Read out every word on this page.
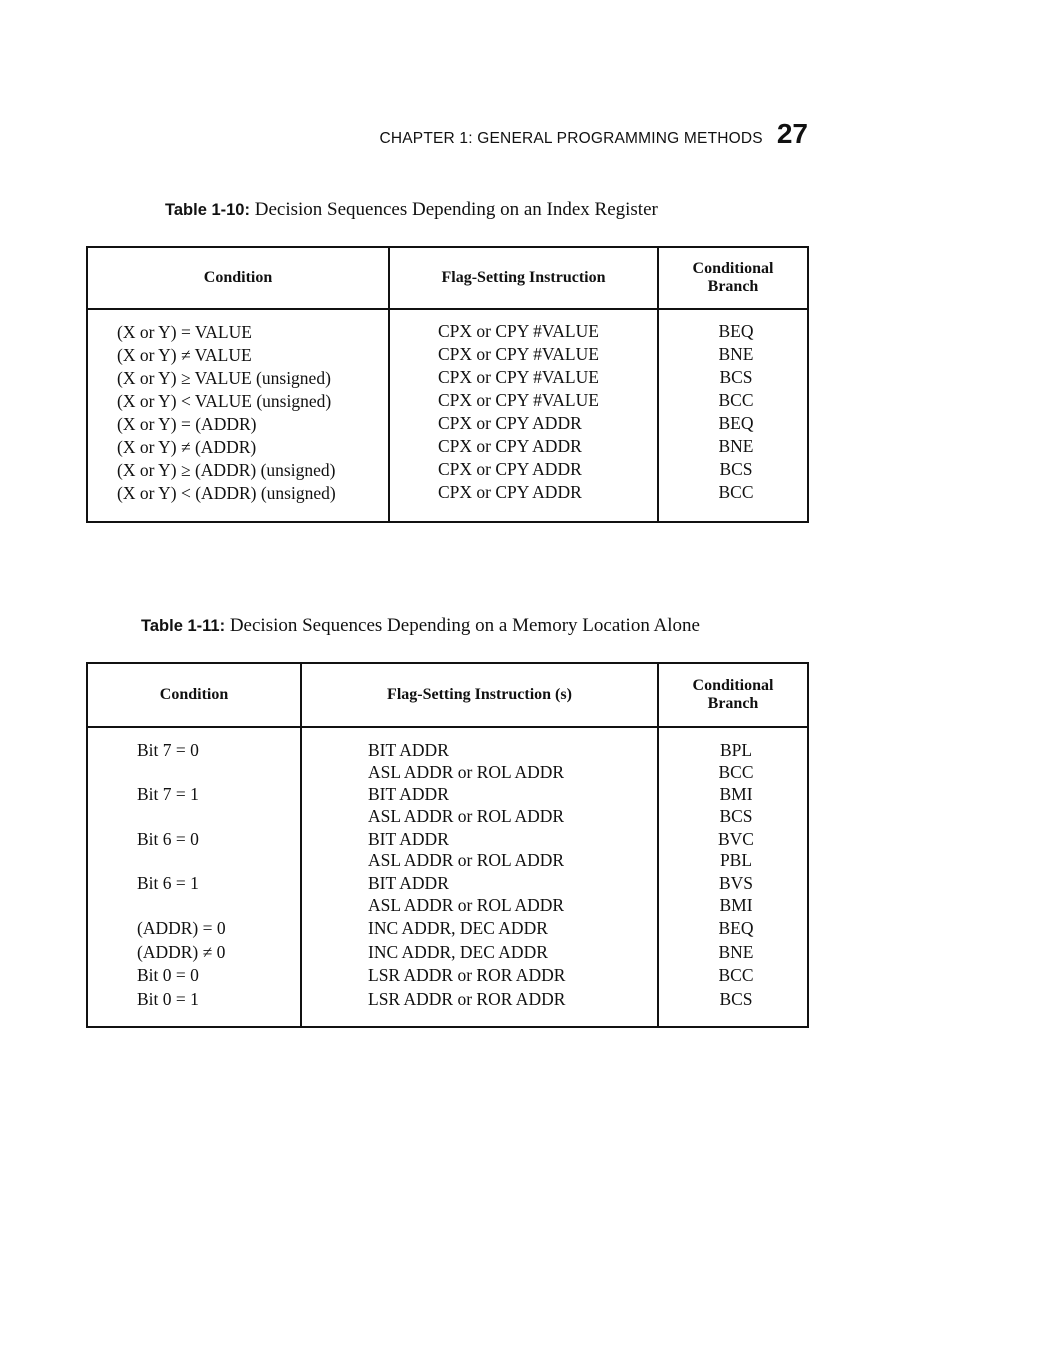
CHAPTER 1: GENERAL PROGRAMMING METHODS 27
Table 1-10: Decision Sequences Depending on an Index Register
Condition	Flag-Setting Instruction
Conditional
Branch
(X or Y) = VALUE
(X or Y) ≠ VALUE
(X or Y) ≥ VALUE (unsigned)
(X or Y) < VALUE (unsigned)
(X or Y) = (ADDR)
(X or Y) ≠ (ADDR)
(X or Y) ≥ (ADDR) (unsigned)
(X or Y) < (ADDR) (unsigned)
CPX or CPY #VALUE
CPX or CPY #VALUE
CPX or CPY #VALUE
CPX or CPY #VALUE
CPX or CPY ADDR
CPX or CPY ADDR
CPX or CPY ADDR
CPX or CPY ADDR
BEQ
BNE
BCS
BCC
BEQ
BNE
BCS
BCC
Table 1-11: Decision Sequences Depending on a Memory Location Alone
Condition	Flag-Setting Instruction (s)
Conditional
Branch
Bit 7 = 0
Bit 7 = 1
Bit 6 = 0
Bit 6 = 1
(ADDR) = 0
(ADDR) ≠ 0
Bit 0 = 0
Bit 0 = 1
BIT ADDR
ASL ADDR or ROL ADDR
BIT ADDR
ASL ADDR or ROL ADDR
BIT ADDR
ASL ADDR or ROL ADDR
BIT ADDR
ASL ADDR or ROL ADDR
INC ADDR, DEC ADDR
INC ADDR, DEC ADDR
LSR ADDR or ROR ADDR
LSR ADDR or ROR ADDR
BPL
BCC
BMI
BCS
BVC
PBL
BVS
BMI
BEQ
BNE
BCC
BCS
